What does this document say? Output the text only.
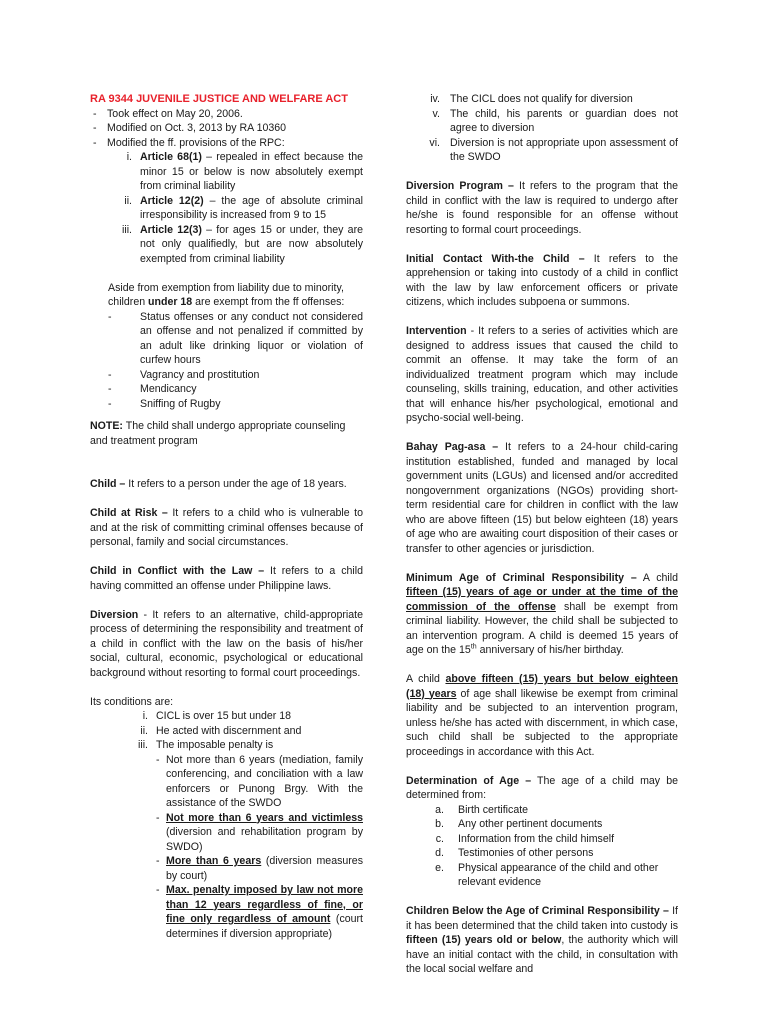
RA 9344 JUVENILE JUSTICE AND WELFARE ACT

- Took effect on May 20, 2006.
- Modified on Oct. 3, 2013 by RA 10360
- Modified the ff. provisions of the RPC:
i. Article 68(1) – repealed in effect because the minor 15 or below is now absolutely exempt from criminal liability
ii. Article 12(2) – the age of absolute criminal irresponsibility is increased from 9 to 15
iii. Article 12(3) – for ages 15 or under, they are not only qualifiedly, but are now absolutely exempted from criminal liability

Aside from exemption from liability due to minority, children under 18 are exempt from the ff offenses:

-	Status offenses or any conduct not considered an offense and not penalized if committed by an adult like drinking liquor or violation of curfew hours
-	Vagrancy and prostitution
-	Mendicancy
-	Sniffing of Rugby

NOTE: The child shall undergo appropriate counseling and treatment program

Child – It refers to a person under the age of 18 years.

Child at Risk – It refers to a child who is vulnerable to and at the risk of committing criminal offenses because of personal, family and social circumstances.

Child in Conflict with the Law – It refers to a child having committed an offense under Philippine laws.

Diversion - It refers to an alternative, child-appropriate process of determining the responsibility and treatment of a child in conflict with the law on the basis of his/her social, cultural, economic, psychological or educational background without resorting to formal court proceedings.

Its conditions are:

i. CICL is over 15 but under 18
ii. He acted with discernment and
iii. The imposable penalty is
- Not more than 6 years (mediation, family conferencing, and conciliation with a law enforcers or Punong Brgy. With the assistance of the SWDO
- Not more than 6 years and victimless (diversion and rehabilitation program by SWDO)
- More than 6 years (diversion measures by court)
- Max. penalty imposed by law not more than 12 years regardless of fine, or fine only regardless of amount (court determines if diversion appropriate)
iv. The CICL does not qualify for diversion
v. The child, his parents or guardian does not agree to diversion
vi. Diversion is not appropriate upon assessment of the SWDO

Diversion Program – It refers to the program that the child in conflict with the law is required to undergo after he/she is found responsible for an offense without resorting to formal court proceedings.

Initial Contact With-the Child – It refers to the apprehension or taking into custody of a child in conflict with the law by law enforcement officers or private citizens, which includes subpoena or summons.

Intervention - It refers to a series of activities which are designed to address issues that caused the child to commit an offense. It may take the form of an individualized treatment program which may include counseling, skills training, education, and other activities that will enhance his/her psychological, emotional and psycho-social well-being.

Bahay Pag-asa – It refers to a 24-hour child-caring institution established, funded and managed by local government units (LGUs) and licensed and/or accredited nongovernment organizations (NGOs) providing short-term residential care for children in conflict with the law who are above fifteen (15) but below eighteen (18) years of age who are awaiting court disposition of their cases or transfer to other agencies or jurisdiction.

Minimum Age of Criminal Responsibility – A child fifteen (15) years of age or under at the time of the commission of the offense shall be exempt from criminal liability. However, the child shall be subjected to an intervention program. A child is deemed 15 years of age on the 15th anniversary of his/her birthday.

A child above fifteen (15) years but below eighteen (18) years of age shall likewise be exempt from criminal liability and be subjected to an intervention program, unless he/she has acted with discernment, in which case, such child shall be subjected to the appropriate proceedings in accordance with this Act.

Determination of Age – The age of a child may be determined from:

a.	Birth certificate
b.	Any other pertinent documents
c.	Information from the child himself
d.	Testimonies of other persons
e.	Physical appearance of the child and other relevant evidence

Children Below the Age of Criminal Responsibility – If it has been determined that the child taken into custody is fifteen (15) years old or below, the authority which will have an initial contact with the child, in consultation with the local social welfare and
